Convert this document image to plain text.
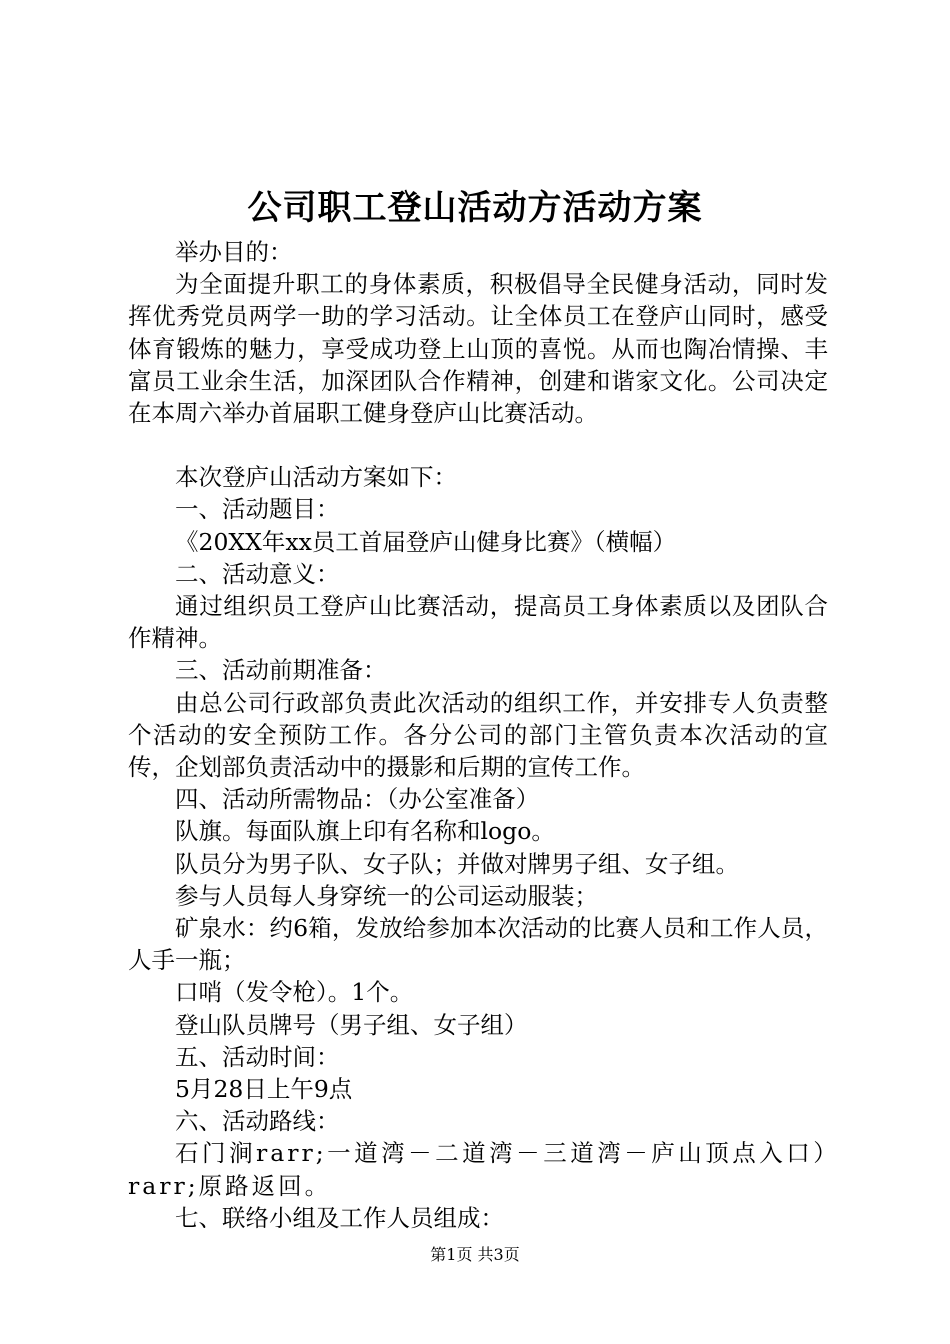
公司职工登山活动方活动方案

举办目的：

为全面提升职工的身体素质，积极倡导全民健身活动，同时发挥优秀党员两学一助的学习活动。让全体员工在登庐山同时，感受体育锻炼的魅力，享受成功登上山顶的喜悦。从而也陶冶情操、丰富员工业余生活，加深团队合作精神，创建和谐家文化。公司决定在本周六举办首届职工健身登庐山比赛活动。

本次登庐山活动方案如下：

一、活动题目：

《20XX年xx员工首届登庐山健身比赛》（横幅）

二、活动意义：

通过组织员工登庐山比赛活动，提高员工身体素质以及团队合作精神。

三、活动前期准备：

由总公司行政部负责此次活动的组织工作，并安排专人负责整个活动的安全预防工作。各分公司的部门主管负责本次活动的宣传，企划部负责活动中的摄影和后期的宣传工作。

四、活动所需物品：（办公室准备）

队旗。每面队旗上印有名称和logo。

队员分为男子队、女子队；并做对牌男子组、女子组。

参与人员每人身穿统一的公司运动服装；

矿泉水：约6箱，发放给参加本次活动的比赛人员和工作人员，人手一瓶；

口哨（发令枪）。1个。

登山队员牌号（男子组、女子组）

五、活动时间：

5月28日上午9点

六、活动路线：

石门涧rarr;一道湾－二道湾－三道湾－庐山顶点入口）rarr;原路返回。

七、联络小组及工作人员组成：

第1页 共3页
